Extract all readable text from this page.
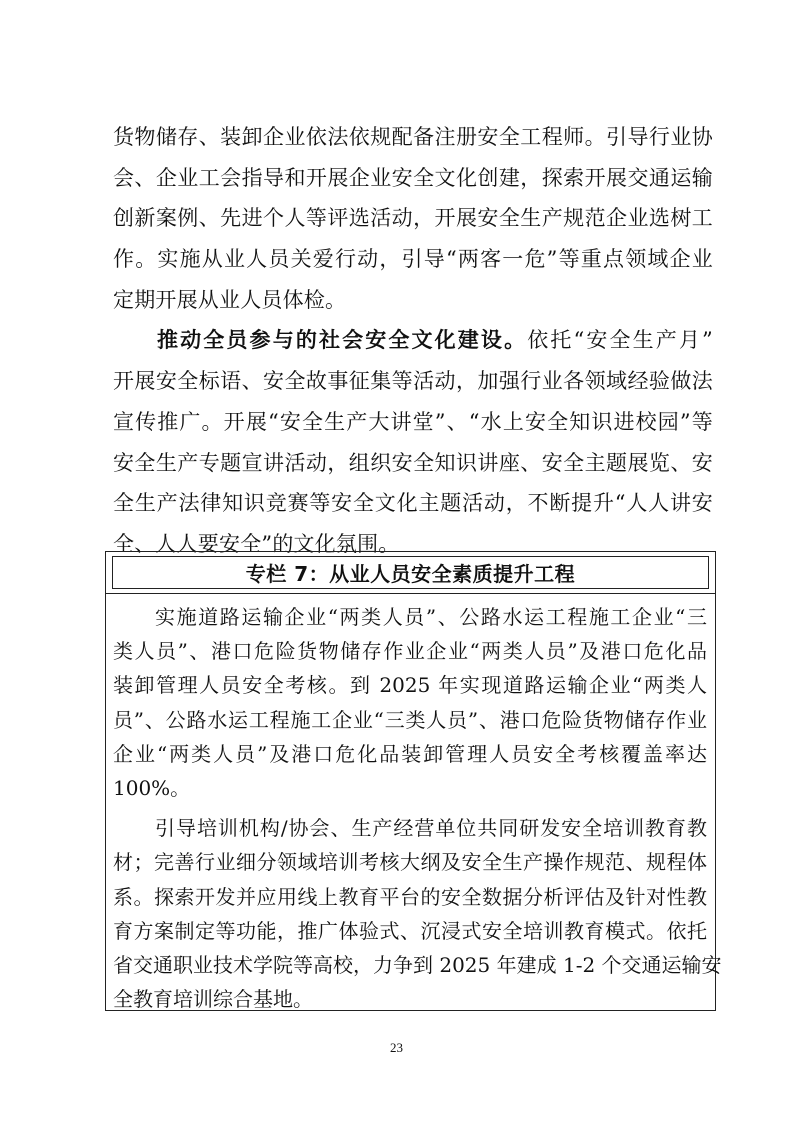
货物储存、装卸企业依法依规配备注册安全工程师。引导行业协
会、企业工会指导和开展企业安全文化创建，探索开展交通运输
创新案例、先进个人等评选活动，开展安全生产规范企业选树工
作。实施从业人员关爱行动，引导“两客一危”等重点领域企业
定期开展从业人员体检。
推动全员参与的社会安全文化建设。依托“安全生产月”
开展安全标语、安全故事征集等活动，加强行业各领域经验做法
宣传推广。开展“安全生产大讲堂”、“水上安全知识进校园”等
安全生产专题宣讲活动，组织安全知识讲座、安全主题展览、安
全生产法律知识竞赛等安全文化主题活动，不断提升“人人讲安
全、人人要安全”的文化氛围。
专栏 7：从业人员安全素质提升工程
实施道路运输企业“两类人员”、公路水运工程施工企业“三
类人员”、港口危险货物储存作业企业“两类人员”及港口危化品
装卸管理人员安全考核。到 2025 年实现道路运输企业“两类人
员”、公路水运工程施工企业“三类人员”、港口危险货物储存作业
企业“两类人员”及港口危化品装卸管理人员安全考核覆盖率达
100%。
引导培训机构/协会、生产经营单位共同研发安全培训教育教
材；完善行业细分领域培训考核大纲及安全生产操作规范、规程体
系。探索开发并应用线上教育平台的安全数据分析评估及针对性教
育方案制定等功能，推广体验式、沉浸式安全培训教育模式。依托
省交通职业技术学院等高校，力争到 2025 年建成 1-2 个交通运输安
全教育培训综合基地。
23
